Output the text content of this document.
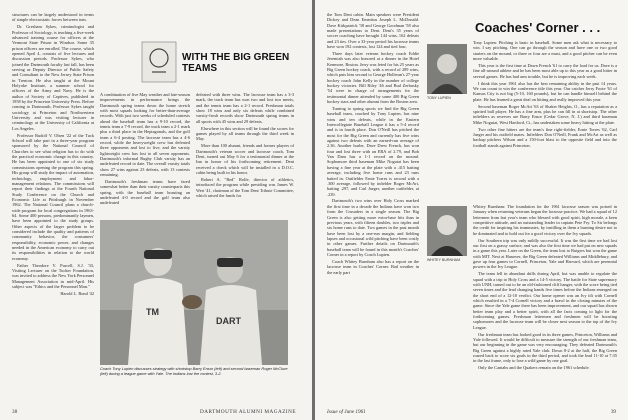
structures can be largely understood in terms of simple electrostatic forces between ions.

Dr. Gresham Sykes, criminologist and Professor of Sociology, is teaching a five-week advanced training course for officers at the Vermont State Prison in Windsor. Some 35 prison officers are enrolled. The course, which opened April 4, consists of five lectures and discussion periods. Professor Sykes, who joined the Dartmouth faculty last fall, has been serving as Deputy Director of Public Safety and Consultant to the New Jersey State Prison in Trenton. He also taught at the Mount Holyoke Institute, a summer school for officers of the Army and Navy. He is the author of Society of Captives, published in 1958 by the Princeton University Press. Before coming to Dartmouth, Professor Sykes taught sociology at Princeton and Northwestern University and was visiting lecturer in criminology at the University of California at Los Angeles.

Professor Rudolf V. Olsen '22 of the Tuck School will take part in a three-year program sponsored by the National Council of Churches to see what religion has to do with the practical economic change in this country. He has been appointed to one of six study commissions opening the program this spring. His group will study the impact of automation, technology, employment and labor-management relations. The commissions will report their findings at the Fourth National Study Conference on the Church and Economic Life at Pittsburgh in November 1962. The National Council plans a church-wide program for local congregations in 1963-64. Some 400 persons, predominantly laymen, have been appointed to the study groups. Other aspects of the larger problem to be considered include the quality and patterns of community behavior, the consumers' responsibility, economic power, and changes needed in the American economy to carry out its responsibilities in relation to the world economy.

Father Theodore V. Purcell, S.J. '33, Visiting Lecturer on the Tucker Foundation, was invited to address the New York Personnel Management Association in mid-April. His subject was "Ethics and the Personnel Man."

Harold L. Bond '42

WITH THE BIG GREEN TEAMS

A combination of five May weather and late-season improvements in performance brings the Dartmouth spring teams down the home stretch with most squads looking for better-than-average records. With just two weeks of scheduled contests ahead the baseball team has a 9-10 record, the tennis team a 7-9 record, the track team a 2-1 mark plus a third place in the Heptagonals, and the golf team a 6-4 posting. The lacrosse team has a 4-6 record, while the heavyweight crew has defeated three opponents and lost to five, and the varsity lightweight crew has lost to all seven opponents. Dartmouth's informal Rugby Club varsity has an undefeated record to date. The overall varsity totals show 27 wins against 23 defeats, with 13 contests remaining.

Dartmouth's freshman teams have fared somewhat better than their varsity counterparts this spring, with the baseball team boasting an undefeated 4-0 record and the golf team also undefeated

defeated with three wins. The lacrosse team has a 3-3 mark, the track team has won two and lost two meets, and the tennis team has a 2-1 record. Freshman totals show 18 wins and only six defeats while combined varsity-frosh records show Dartmouth spring teams in all sports with 45 wins and 29 defeats.

Elsewhere in this section will be found the scores for games played by all teams through the third week in May.

More than 100 alumni, friends and former players of Dartmouth's veteran soccer and lacrosse coach, Tom Dent, turned out May 6 for a testimonial dinner at the Inn in honor of his forthcoming retirement. Dent received a check which will be installed in a D.O.C. cabin being built in his honor.

Robert A. "Red" Rolfe, director of athletics, introduced the program while presiding was James W. Wert '41, chairman of the Tom Dent Tribute Committee, which raised the funds for

TM
DART
Coach Tony Lupien discusses strategy with shortstop Barry Ensor (left) and second baseman Roger McClure (left) during a league game with Yale. The Indians lost the contest, 3-2.
38	DARTMOUTH ALUMNI MAGAZINE

the Tom Dent cabin. Main speakers were President Dickey and Dean Emeritus Joseph L. McDonald. Dave Kirkpatrick '38 and George Goodman '58 also made presentations to Dent. Dent's 35 years of soccer coaching have brought 144 wins, 162 defeats and 23 ties. Over a 33-year period his lacrosse teams have won 192 contests, lost 124 and tied four.

Three days later veteran hockey coach Eddie Jeremiah was also honored at a dinner in the Hotel Kenmore, Boston. Jerry was feted for his 25 years as Big Green hockey coach, with a record of 289 wins, which puts him second to George Holleran's 27-year hockey coach John Kelly in the number of college hockey victories. Bill Riley '46 and Bud Zerbusky '54 were in charge of arrangements for the testimonial dinner attended by some 400 Big Green hockey stars and other alumni from the Boston area.

Turning to spring sports we find the Big Green baseball team, coached by Tony Lupien, has nine wins and ten defeats, while in the Eastern Intercollegiate Baseball League it has a 5-4 record and is in fourth place. Don O'Neill has pitched the most for the Big Green and currently has five wins against two defeats with an earned-run average of 2.36. Another hurler, Dave Drew French, has won four and lost three with an ERA of 2.79, and Bob Van Dam has a 1-1 record on the mound. Sophomore third baseman Mike Noguiat has been having a fine year at the plate with a .415 batting average, including five home runs and 23 runs batted in. Outfielder Ernie Torres is second with a .300 average, followed by infielder Roger McArt, batting .297, and Carl Jaeger, another outfielder, at .239.

Dartmouth's two wins over Holy Cross marked the first time in a decade the Indians have won two from the Crusaders in a single season. The Big Green is also getting more extra-base hits than in previous years, with fifteen doubles, two triples and six home runs to date. Two games in the past month have been lost by a one-run margin, and fielding lapses and occasional wild pitching have been costly in other games. Further details on Dartmouth's baseball team will be found in this month's Coaches' Corner in a report by Coach Lupien.

Coach Whitey Burnham also has a report on the lacrosse team in Coaches' Corner. Bad weather in the early part

Coaches' Corner . . .
TONY LUPIEN

Tony Lupien: Pitching is basic in baseball. Some men ask what is necessary to win. I say pitching. One can go through the season and have one or two good starters on the mound, or three or four are a must, and a good pitcher can be even more valuable.

This year is the first time at Dawn French '61 to carry the load for us. Dave is a fine all-around athlete and he has been most able up to this year as a good hitter in several games. He has had arm trouble, but he is improving each week.

I think this year 1961 also has the best remaining ability in the past 14 years. We can count to win the conference title this year. Our catcher Jerry Foote '61 of Kansas City is not big (5-10, 160 pounds), but he can handle himself behind the plate. He has learned a great deal on hitting and really improved this year.

Second baseman Roger McArt '63 of Shaker Heights, O., has a reputation as a spirited ball player. He has a fine arm, plus he can fill in at shortstop. The other infielders as reserves are Barry Ensor (Cedar Grove, N. J.) and third baseman Mike Noguiat, West Hartford, Ct., has undertaken some heavy hitting at the plate.

Two other fine hitters are the team's fine right-fielder, Ernie Torres '62, Carl Jaeger and his outfield mates. Infielders Don O'Neill, Frank and McArt as well as backup pitchers Wilson and a 150-foot blast to the opposite field and into the football stands against Princeton.

WHITEY BURNHAM

Whitey Burnham: The foundation for the 1961 lacrosse season was poised in January when returning veterans began the lacrosse practice. We had a squad of 12 lettermen from last year's team who blessed with good spirit, high morale, a keen competitive attitude, and an outstanding leader in captain Pete Fry. To Sir belongs the credit for inspiring his teammates, by instilling in them a burning desire not to be dominated and to hold out for a good victory over the Ivy squads.

Our Southern trip was only mildly successful. It was the first time we had lost our first on a grassy surface, and was also the first time we had put on new squads in a game this year. Later on the Green, the team lost to Rutgers but won the game with MIT. Next at Hanover, the Big Green defeated Williams and Middlebury, and gave up four games to Cornell, Princeton, Yale and Harvard, which are perennial powers in the Ivy League.

The team fell in abundant drills during April, but was unable to regulate the squad with a trip to Holy Cross and a 14-5 victory. The battle for State supremacy with UNH, turned out to be an old-fashioned cliff hanger, with the score being tied seven times and the lead changing hands five times before the Indians emerged on the short end of a 12-10 verdict. Our home opener was an Ivy tilt with Cornell which resulted in a 7-4 Cornell victory and a brawl in the closing minutes of the game. Since the Yale game there has been improvement, and our squad has shown better team play and a better spirit, with all the facts coming to light for the forthcoming games. Freshman lettermen and freshmen will be boosting sophomores and the lacrosse team will be closer next season to the top of the Ivy League.

Our freshman team has looked good in its three games, Princeton, Williams and Yale followed. It would be difficult to measure the strength of our freshman team, but our beginning in the game was very encouraging. They defeated Dartmouth's Big Green against a highly rated Yale club. Down 8-2 at the half, the Big Green roared back to score six goals in the third period, and took the lead 11-10 at 7:35 in the last frame, only to lose a wild game by one goal.

Only the Cantabs and the Quakers remain on the 1961 schedule.

Issue of June 1961	39
